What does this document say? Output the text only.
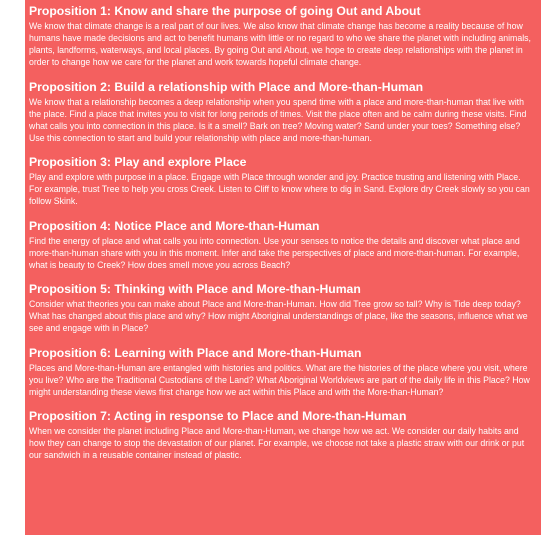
Proposition 1: Know and share the purpose of going Out and About

We know that climate change is a real part of our lives. We also know that climate change has become a reality because of how humans have made decisions and act to benefit humans with little or no regard to who we share the planet with including animals, plants, landforms, waterways, and local places. By going Out and About, we hope to create deep relationships with the planet in order to change how we care for the planet and work towards hopeful climate change.

Proposition 2: Build a relationship with Place and More-than-Human

We know that a relationship becomes a deep relationship when you spend time with a place and more-than-human that live with the place. Find a place that invites you to visit for long periods of times. Visit the place often and be calm during these visits. Find what calls you into connection in this place. Is it a smell? Bark on tree? Moving water? Sand under your toes? Something else? Use this connection to start and build your relationship with place and more-than-human.

Proposition 3: Play and explore Place

Play and explore with purpose in a place. Engage with Place through wonder and joy. Practice trusting and listening with Place. For example, trust Tree to help you cross Creek. Listen to Cliff to know where to dig in Sand. Explore dry Creek slowly so you can follow Skink.

Proposition 4: Notice Place and More-than-Human

Find the energy of place and what calls you into connection. Use your senses to notice the details and discover what place and more-than-human share with you in this moment. Infer and take the perspectives of place and more-than-human. For example, what is beauty to Creek? How does smell move you across Beach?

Proposition 5: Thinking with Place and More-than-Human

Consider what theories you can make about Place and More-than-Human. How did Tree grow so tall? Why is Tide deep today? What has changed about this place and why? How might Aboriginal understandings of place, like the seasons, influence what we see and engage with in Place?

Proposition 6: Learning with Place and More-than-Human

Places and More-than-Human are entangled with histories and politics. What are the histories of the place where you visit, where you live? Who are the Traditional Custodians of the Land? What Aboriginal Worldviews are part of the daily life in this Place? How might understanding these views first change how we act within this Place and with the More-than-Human?

Proposition 7: Acting in response to Place and More-than-Human

When we consider the planet including Place and More-than-Human, we change how we act. We consider our daily habits and how they can change to stop the devastation of our planet. For example, we choose not take a plastic straw with our drink or put our sandwich in a reusable container instead of plastic.
